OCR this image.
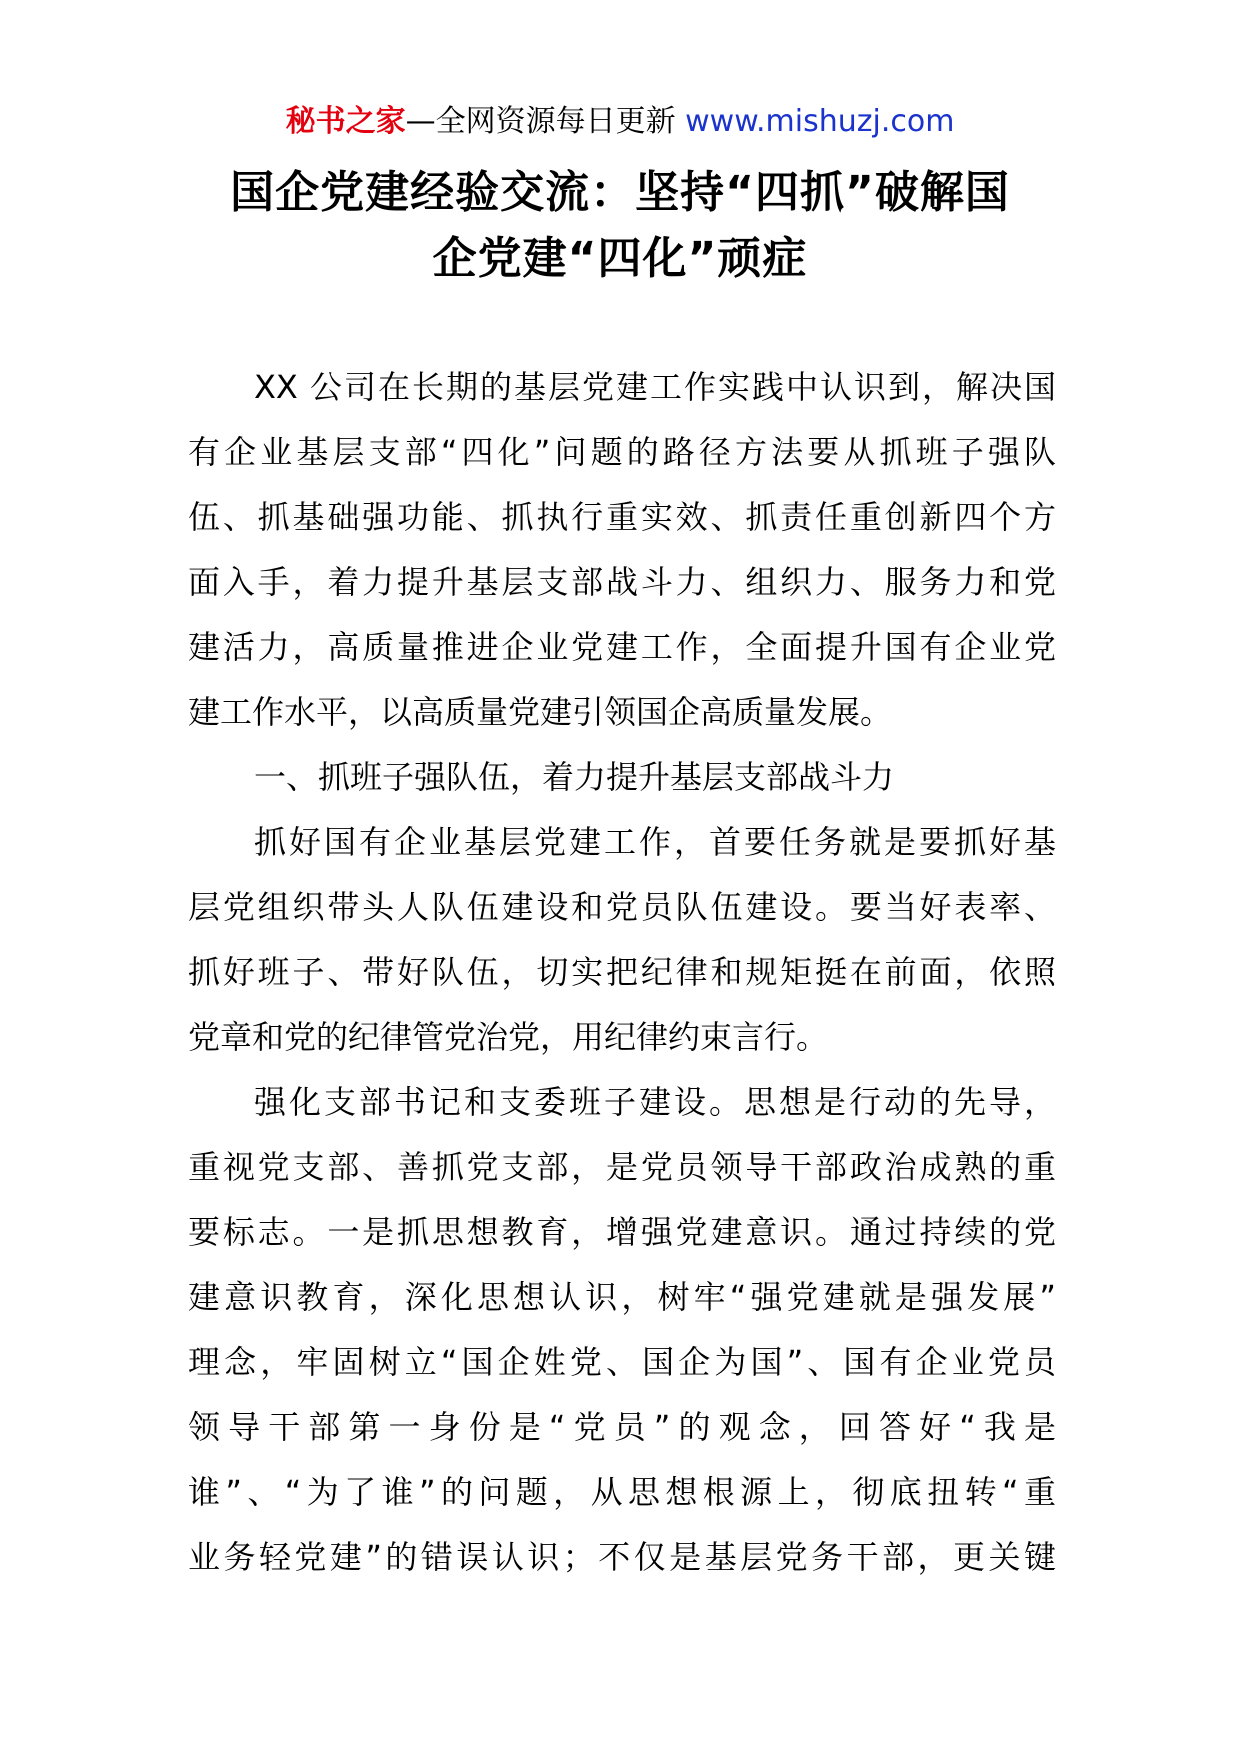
秘书之家—全网资源每日更新 www.mishuzj.com
国企党建经验交流：坚持“四抓”破解国
企党建“四化”顽症
XX 公司在长期的基层党建工作实践中认识到，解决国
有企业基层支部“四化”问题的路径方法要从抓班子强队
伍、抓基础强功能、抓执行重实效、抓责任重创新四个方
面入手，着力提升基层支部战斗力、组织力、服务力和党
建活力，高质量推进企业党建工作，全面提升国有企业党
建工作水平，以高质量党建引领国企高质量发展。
一、抓班子强队伍，着力提升基层支部战斗力
抓好国有企业基层党建工作，首要任务就是要抓好基
层党组织带头人队伍建设和党员队伍建设。要当好表率、
抓好班子、带好队伍，切实把纪律和规矩挺在前面，依照
党章和党的纪律管党治党，用纪律约束言行。
强化支部书记和支委班子建设。思想是行动的先导，
重视党支部、善抓党支部，是党员领导干部政治成熟的重
要标志。一是抓思想教育，增强党建意识。通过持续的党
建意识教育，深化思想认识，树牢“强党建就是强发展”
理念，牢固树立“国企姓党、国企为国”、国有企业党员
领导干部第一身份是“党员”的观念，回答好“我是
谁”、“为了谁”的问题，从思想根源上，彻底扭转“重
业务轻党建”的错误认识；不仅是基层党务干部，更关键
